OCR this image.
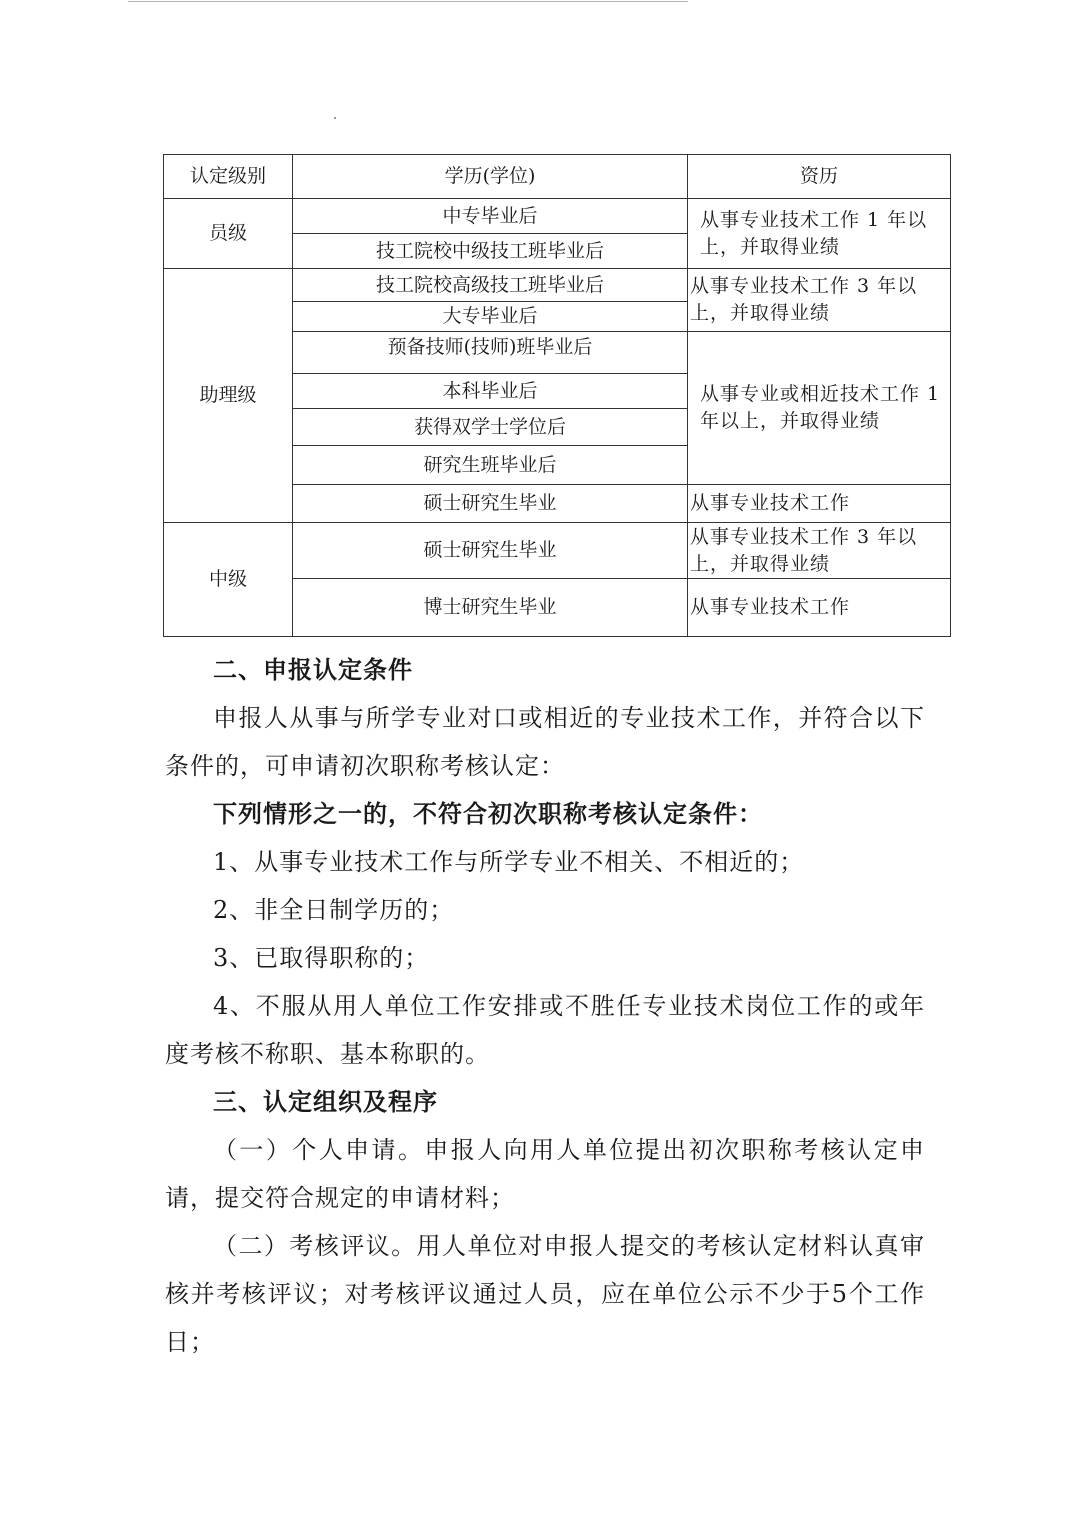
认定级别	学历(学位)	资历
员级	中专毕业后	从事专业技术工作 1 年以上，并取得业绩
	技工院校中级技工班毕业后	
助理级	技工院校高级技工班毕业后	从事专业技术工作 3 年以上，并取得业绩
	大专毕业后	
	预备技师(技师)班毕业后	从事专业或相近技术工作 1 年以上，并取得业绩
	本科毕业后	
	获得双学士学位后	
	研究生班毕业后	
	硕士研究生毕业	从事专业技术工作
中级	硕士研究生毕业	从事专业技术工作 3 年以上，并取得业绩
	博士研究生毕业	从事专业技术工作

二、申报认定条件

申报人从事与所学专业对口或相近的专业技术工作，并符合以下条件的，可申请初次职称考核认定：

下列情形之一的，不符合初次职称考核认定条件：

1、从事专业技术工作与所学专业不相关、不相近的；

2、非全日制学历的；

3、已取得职称的；

4、不服从用人单位工作安排或不胜任专业技术岗位工作的或年度考核不称职、基本称职的。

三、认定组织及程序

（一）个人申请。申报人向用人单位提出初次职称考核认定申请，提交符合规定的申请材料；

（二）考核评议。用人单位对申报人提交的考核认定材料认真审核并考核评议；对考核评议通过人员，应在单位公示不少于5个工作日；
